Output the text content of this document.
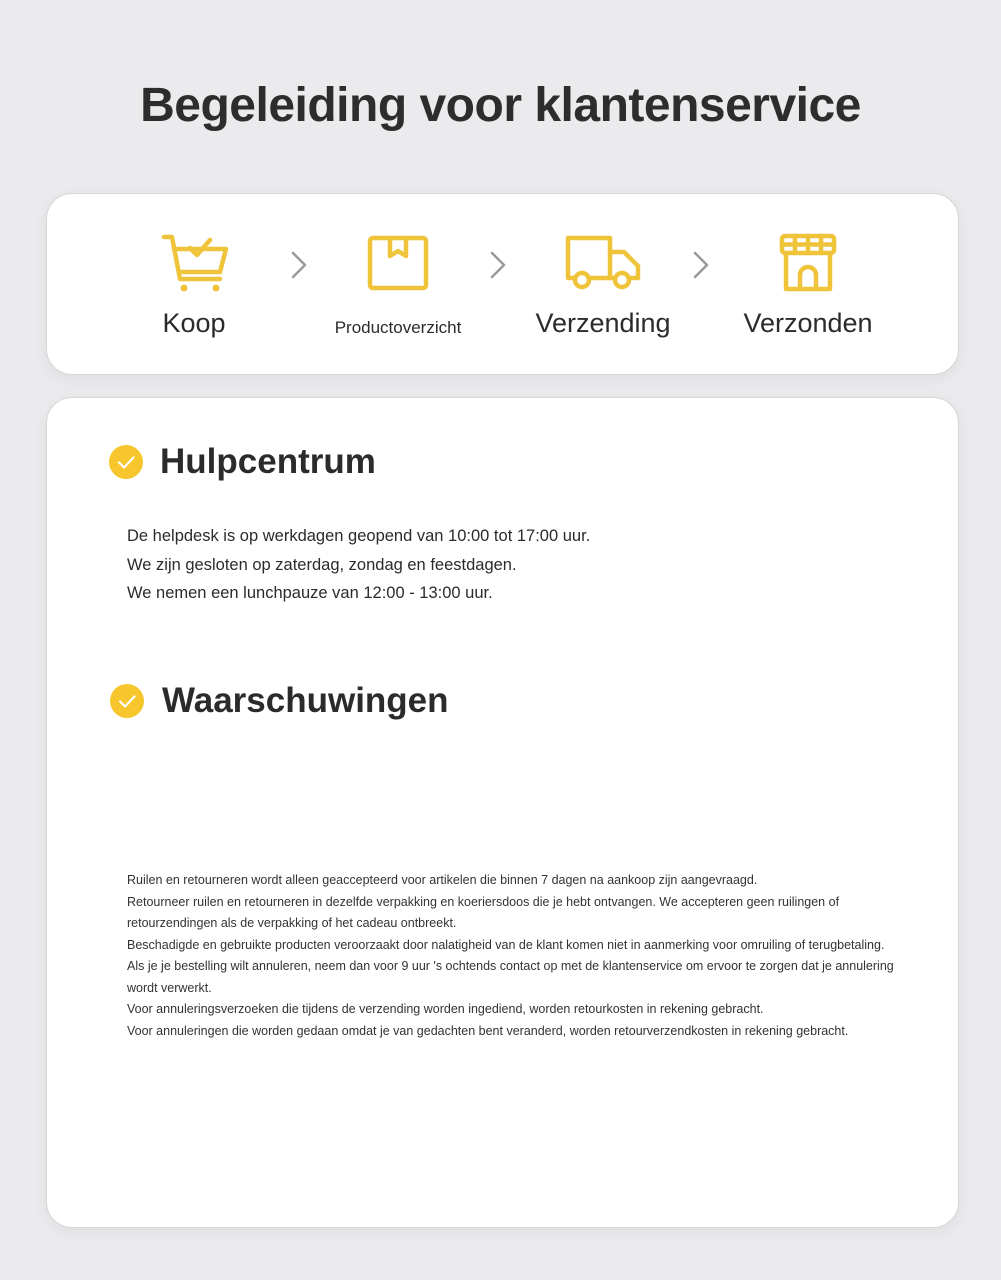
Begeleiding voor klantenservice
Koop	Productoverzicht	Verzending	Verzonden
Hulpcentrum
De helpdesk is op werkdagen geopend van 10:00 tot 17:00 uur.
We zijn gesloten op zaterdag, zondag en feestdagen.
We nemen een lunchpauze van 12:00 - 13:00 uur.
Waarschuwingen

Ruilen en retourneren wordt alleen geaccepteerd voor artikelen die binnen 7 dagen na aankoop zijn aangevraagd.

Retourneer ruilen en retourneren in dezelfde verpakking en koeriersdoos die je hebt ontvangen. We accepteren geen ruilingen of retourzendingen als de verpakking of het cadeau ontbreekt.

Beschadigde en gebruikte producten veroorzaakt door nalatigheid van de klant komen niet in aanmerking voor omruiling of terugbetaling.

Als je je bestelling wilt annuleren, neem dan voor 9 uur 's ochtends contact op met de klantenservice om ervoor te zorgen dat je annulering wordt verwerkt.

Voor annuleringsverzoeken die tijdens de verzending worden ingediend, worden retourkosten in rekening gebracht.

Voor annuleringen die worden gedaan omdat je van gedachten bent veranderd, worden retourverzendkosten in rekening gebracht.
